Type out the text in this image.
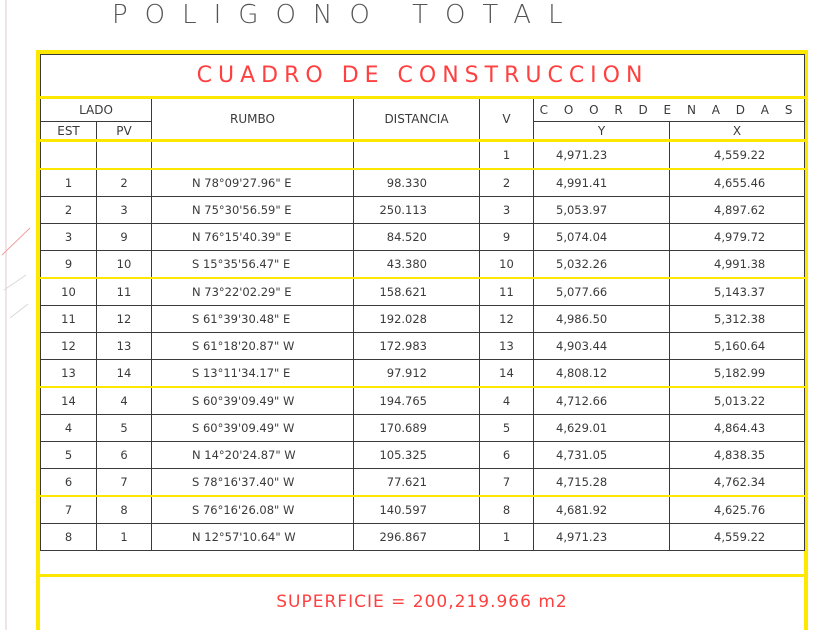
POLIGONO TOTAL
CUADRO DE CONSTRUCCION						
LADO		RUMBO	DISTANCIA	V	C O O R D E N A D A S	
EST	PV				Y	X
				1	4,971.23	4,559.22
1	2	N 78°09'27.96" E	98.330	2	4,991.41	4,655.46
2	3	N 75°30'56.59" E	250.113	3	5,053.97	4,897.62
3	9	N 76°15'40.39" E	84.520	9	5,074.04	4,979.72
9	10	S 15°35'56.47" E	43.380	10	5,032.26	4,991.38
10	11	N 73°22'02.29" E	158.621	11	5,077.66	5,143.37
11	12	S 61°39'30.48" E	192.028	12	4,986.50	5,312.38
12	13	S 61°18'20.87" W	172.983	13	4,903.44	5,160.64
13	14	S 13°11'34.17" E	97.912	14	4,808.12	5,182.99
14	4	S 60°39'09.49" W	194.765	4	4,712.66	5,013.22
4	5	S 60°39'09.49" W	170.689	5	4,629.01	4,864.43
5	6	N 14°20'24.87" W	105.325	6	4,731.05	4,838.35
6	7	S 78°16'37.40" W	77.621	7	4,715.28	4,762.34
7	8	S 76°16'26.08" W	140.597	8	4,681.92	4,625.76
8	1	N 12°57'10.64" W	296.867	1	4,971.23	4,559.22
SUPERFICIE = 200,219.966 m2
